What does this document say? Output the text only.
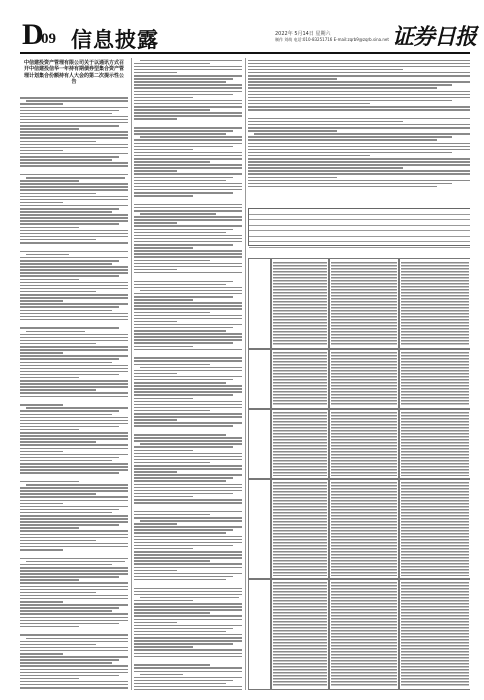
D
09 信息披露	2022年 5月14日 星期六
制作 刘萌 电话:010-83251716 E-mail:zqrb9@zqrb.sina.net 证券日报
中信建投资产管理有限公司关于以通讯方式召开中信建投信华一年持有期债券型集合资产管理计划集合份额持有人大会的第二次提示性公告
